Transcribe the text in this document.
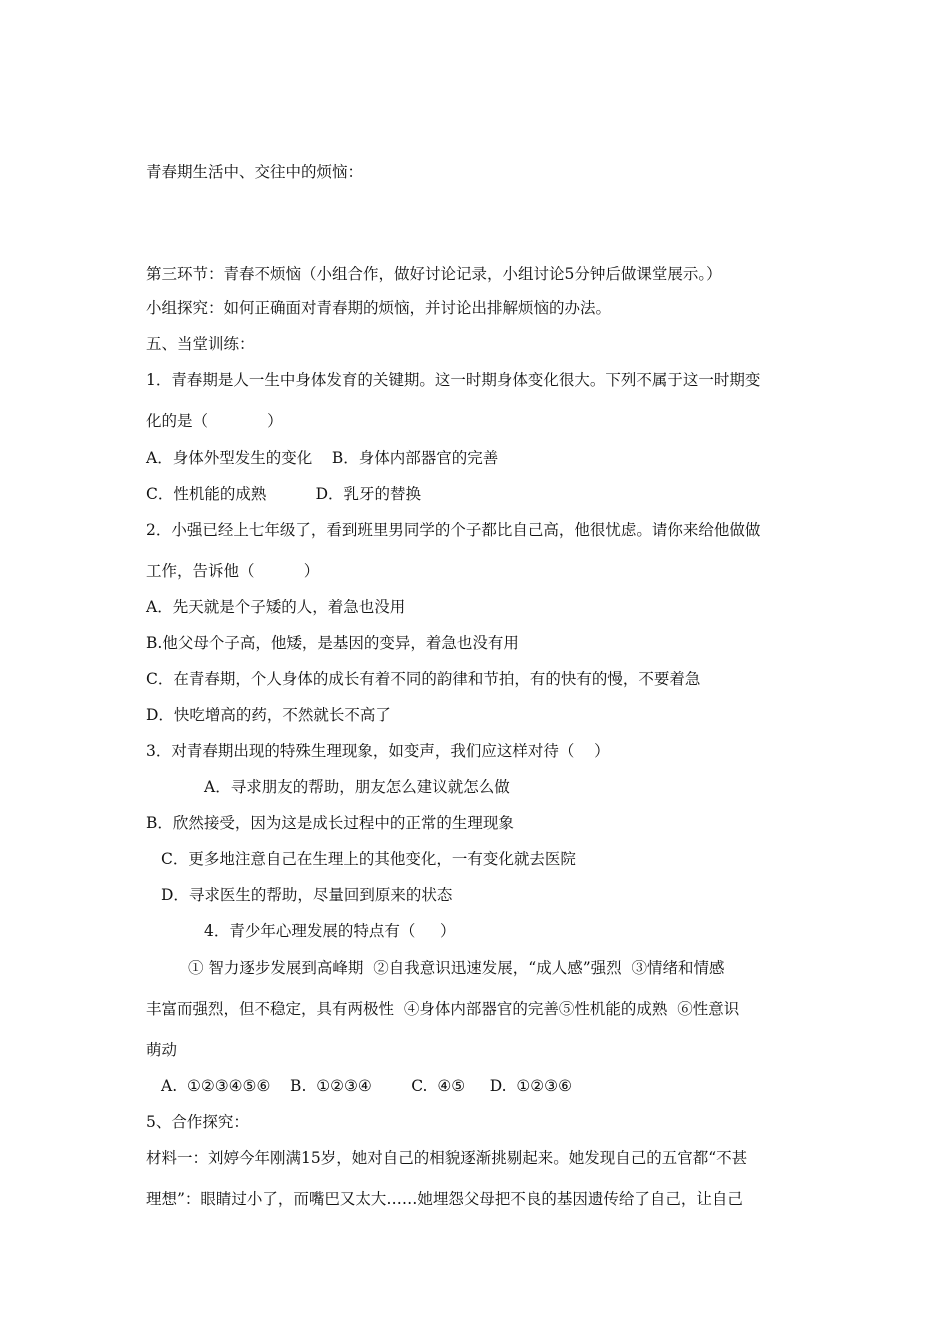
青春期生活中、交往中的烦恼：
第三环节：青春不烦恼（小组合作，做好讨论记录，小组讨论5分钟后做课堂展示。）
小组探究：如何正确面对青春期的烦恼，并讨论出排解烦恼的办法。
五、当堂训练：
1．青春期是人一生中身体发育的关键期。这一时期身体变化很大。下列不属于这一时期变
化的是（            ）
A．身体外型发生的变化    B．身体内部器官的完善
C．性机能的成熟          D．乳牙的替换
2．小强已经上七年级了，看到班里男同学的个子都比自己高，他很忧虑。请你来给他做做
工作，告诉他（          ）
A．先天就是个子矮的人，着急也没用
B.他父母个子高，他矮，是基因的变异，着急也没有用
C．在青春期，个人身体的成长有着不同的韵律和节拍，有的快有的慢，不要着急
D．快吃增高的药，不然就长不高了
3．对青春期出现的特殊生理现象，如变声，我们应这样对待（    ）
A．寻求朋友的帮助，朋友怎么建议就怎么做
B．欣然接受，因为这是成长过程中的正常的生理现象
C．更多地注意自己在生理上的其他变化，一有变化就去医院
D．寻求医生的帮助，尽量回到原来的状态
4．青少年心理发展的特点有（     ）
① 智力逐步发展到高峰期  ②自我意识迅速发展，“成人感”强烈  ③情绪和情感
丰富而强烈，但不稳定，具有两极性  ④身体内部器官的完善⑤性机能的成熟  ⑥性意识
萌动
A.  ①②③④⑤⑥    B.  ①②③④        C.  ④⑤     D.  ①②③⑥
5、合作探究：
材料一：刘婷今年刚满15岁，她对自己的相貌逐渐挑剔起来。她发现自己的五官都“不甚
理想”：眼睛过小了，而嘴巴又太大……她埋怨父母把不良的基因遗传给了自己，让自己
